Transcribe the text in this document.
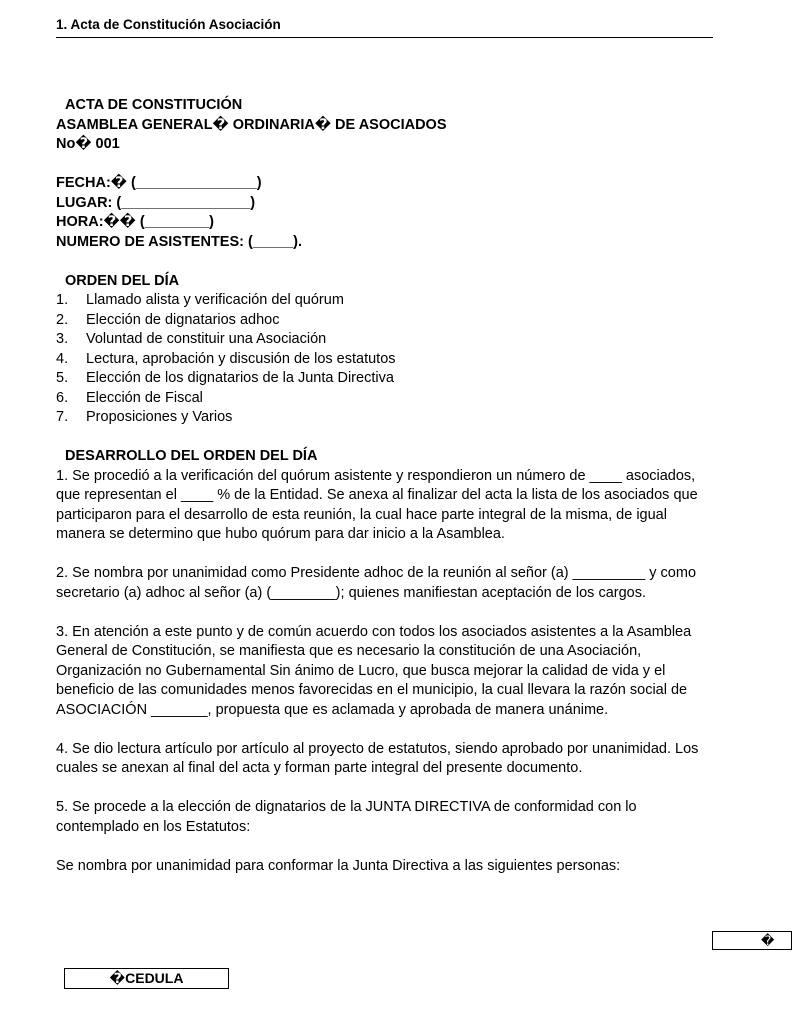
1. Acta de Constitución Asociación
ACTA DE CONSTITUCIÓN
ASAMBLEA GENERAL� ORDINARIA� DE ASOCIADOS
No� 001
FECHA:� (_______________)
LUGAR: (________________)
HORA:�� (________)
NUMERO DE ASISTENTES: (_____).
ORDEN DEL DÍA
1.	Llamado alista y verificación del quórum
2.	Elección de dignatarios adhoc
3.	Voluntad de constituir una Asociación
4.	Lectura, aprobación y discusión de los estatutos
5.	Elección de los dignatarios de la Junta Directiva
6.	Elección de Fiscal
7.	Proposiciones y Varios
DESARROLLO DEL ORDEN DEL DÍA

1. Se procedió a la verificación del quórum asistente y respondieron un número de ____ asociados, que representan el ____ % de la Entidad. Se anexa al finalizar del acta la lista de los asociados que participaron para el desarrollo de esta reunión, la cual hace parte integral de la misma, de igual manera se determino que hubo quórum para dar inicio a la Asamblea.

2. Se nombra por unanimidad como Presidente adhoc de la reunión al señor (a) _________ y como secretario (a) adhoc al señor (a) (________); quienes manifiestan aceptación de los cargos.

3. En atención a este punto y de común acuerdo con todos los asociados asistentes a la Asamblea General de Constitución, se manifiesta que es necesario la constitución de una Asociación, Organización no Gubernamental Sin ánimo de Lucro, que busca mejorar la calidad de vida y el beneficio de las comunidades menos favorecidas en el municipio, la cual llevara la razón social de ASOCIACIÓN _______, propuesta que es aclamada y aprobada de manera unánime.

4. Se dio lectura artículo por artículo al proyecto de estatutos, siendo aprobado por unanimidad. Los cuales se anexan al final del acta y forman parte integral del presente documento.

5. Se procede a la elección de dignatarios de la JUNTA DIRECTIVA de conformidad con lo contemplado en los Estatutos:

Se nombra por unanimidad para conformar la Junta Directiva a las siguientes personas:

�
�CEDULA
